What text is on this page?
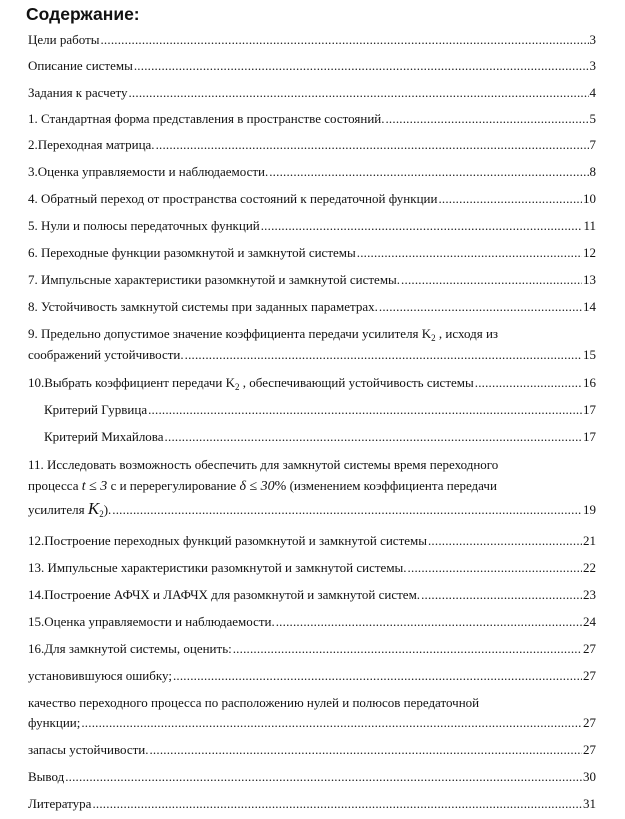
Содержание:
Цели работы .....	3
Описание системы .....	3
Задания к расчету .....	4
1. Стандартная форма представления в пространстве состояний. .....	5
2.Переходная матрица. .....	7
3.Оценка управляемости и наблюдаемости. .....	8
4. Обратный переход от пространства состояний к передаточной функции .....	10
5. Нули и полюсы передаточных функций .....	11
6. Переходные функции разомкнутой и замкнутой системы .....	12
7. Импульсные характеристики разомкнутой и замкнутой системы. .....	13
8. Устойчивость замкнутой системы при заданных параметрах. .....	14
9. Предельно допустимое значение коэффициента передачи усилителя $K_2$ , исходя из
соображений устойчивости. .....	15
10.Выбрать коэффициент передачи $K_2$ , обеспечивающий устойчивость системы .....	16
Критерий Гурвица .....	17
Критерий Михайлова .....	17
11. Исследовать возможность обеспечить для замкнутой системы время переходного
процесса t ≤ 3 с и перерегулирование δ ≤ 30% (изменением коэффициента передачи
усилителя $K_2$). .....	19
12.Построение переходных функций разомкнутой и замкнутой системы .....	21
13. Импульсные характеристики разомкнутой и замкнутой системы. .....	22
14.Построение АФЧХ и ЛАФЧХ для разомкнутой и замкнутой систем. .....	23
15.Оценка управляемости и наблюдаемости. .....	24
16.Для замкнутой системы, оценить: .....	27
установившуюся ошибку; .....	27
качество переходного процесса по расположению нулей и полюсов передаточной
функции; .....	27
запасы устойчивости. .....	27
Вывод .....	30
Литература .....	31
